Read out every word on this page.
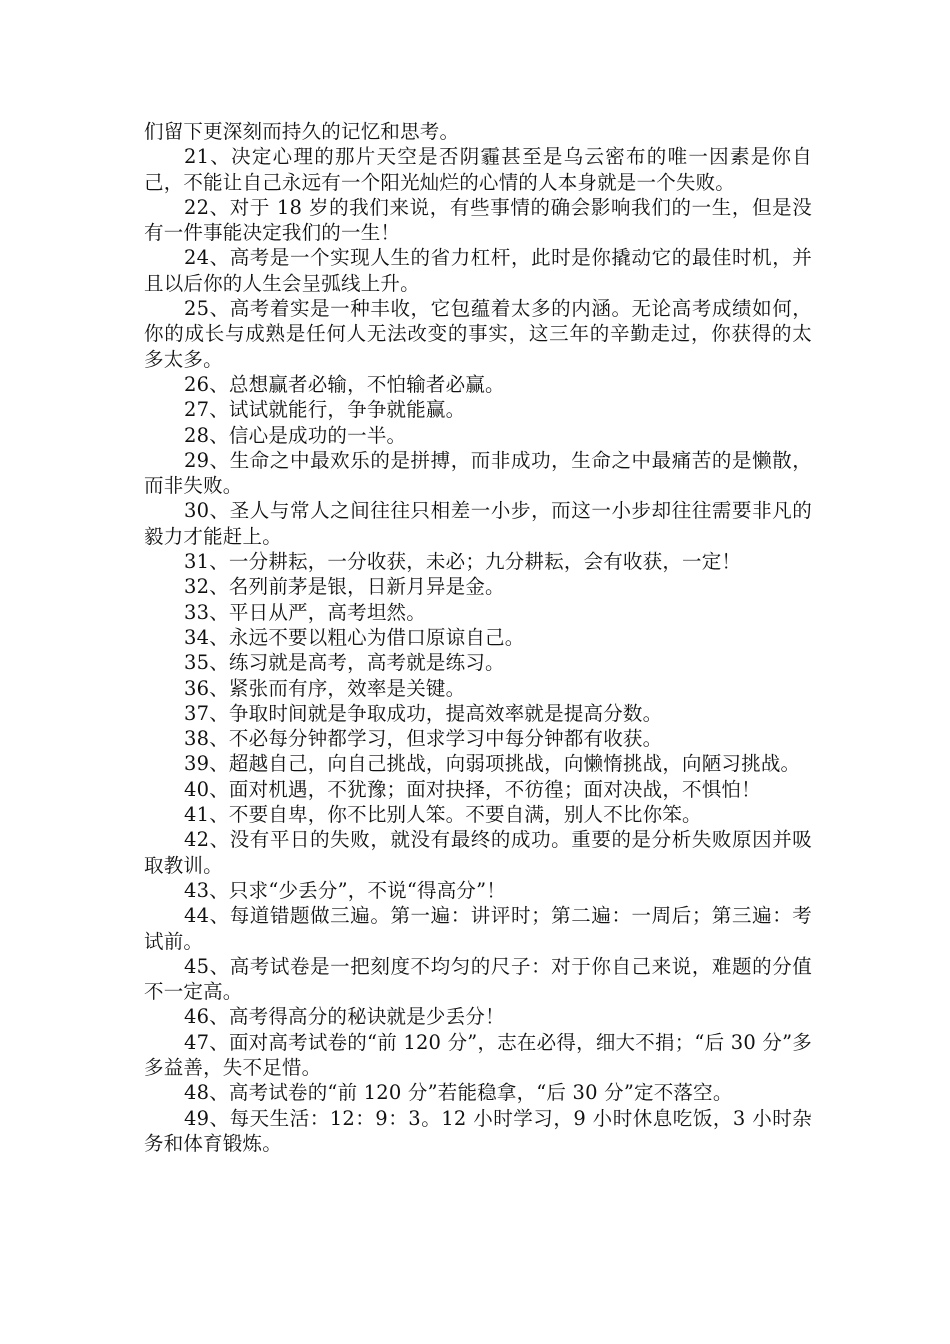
们留下更深刻而持久的记忆和思考。

21、决定心理的那片天空是否阴霾甚至是乌云密布的唯一因素是你自己，不能让自己永远有一个阳光灿烂的心情的人本身就是一个失败。

22、对于 18 岁的我们来说，有些事情的确会影响我们的一生，但是没有一件事能决定我们的一生！

24、高考是一个实现人生的省力杠杆，此时是你撬动它的最佳时机，并且以后你的人生会呈弧线上升。

25、高考着实是一种丰收，它包蕴着太多的内涵。无论高考成绩如何，你的成长与成熟是任何人无法改变的事实，这三年的辛勤走过，你获得的太多太多。

26、总想赢者必输，不怕输者必赢。

27、试试就能行，争争就能赢。

28、信心是成功的一半。

29、生命之中最欢乐的是拼搏，而非成功，生命之中最痛苦的是懒散，而非失败。

30、圣人与常人之间往往只相差一小步，而这一小步却往往需要非凡的毅力才能赶上。

31、一分耕耘，一分收获，未必；九分耕耘，会有收获，一定！

32、名列前茅是银，日新月异是金。

33、平日从严，高考坦然。

34、永远不要以粗心为借口原谅自己。

35、练习就是高考，高考就是练习。

36、紧张而有序，效率是关键。

37、争取时间就是争取成功，提高效率就是提高分数。

38、不必每分钟都学习，但求学习中每分钟都有收获。

39、超越自己，向自己挑战，向弱项挑战，向懒惰挑战，向陋习挑战。

40、面对机遇，不犹豫；面对抉择，不彷徨；面对决战，不惧怕！

41、不要自卑，你不比别人笨。不要自满，别人不比你笨。

42、没有平日的失败，就没有最终的成功。重要的是分析失败原因并吸取教训。

43、只求“少丢分”，不说“得高分”！

44、每道错题做三遍。第一遍：讲评时；第二遍：一周后；第三遍：考试前。

45、高考试卷是一把刻度不均匀的尺子：对于你自己来说，难题的分值不一定高。

46、高考得高分的秘诀就是少丢分！

47、面对高考试卷的“前 120 分”，志在必得，细大不捐；“后 30 分”多多益善，失不足惜。

48、高考试卷的“前 120 分”若能稳拿，“后 30 分”定不落空。

49、每天生活：12：9：3。12 小时学习，9 小时休息吃饭，3 小时杂务和体育锻炼。
